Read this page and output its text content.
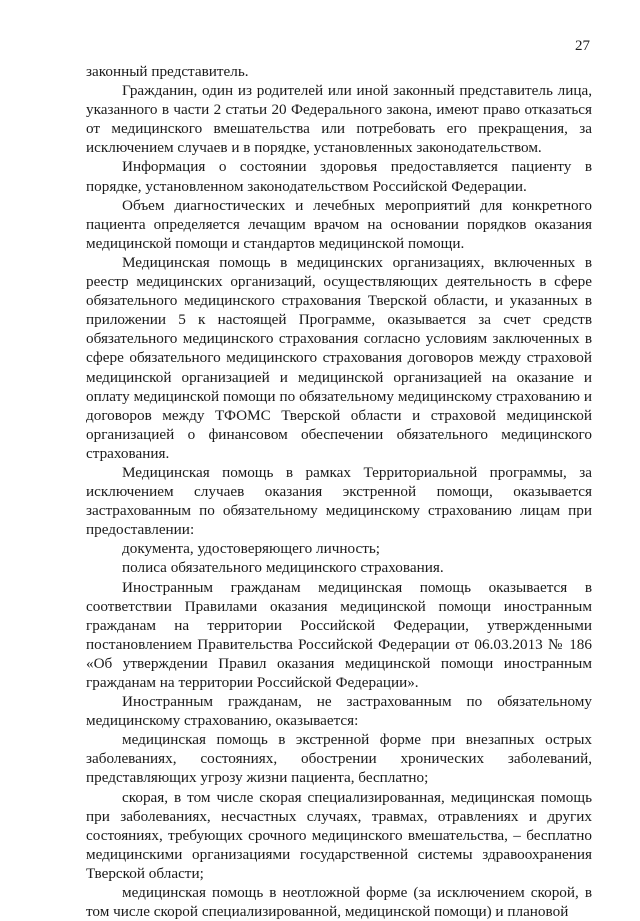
27

законный представитель.

Гражданин, один из родителей или иной законный представитель лица, указанного в части 2 статьи 20 Федерального закона, имеют право отказаться от медицинского вмешательства или потребовать его прекращения, за исключением случаев и в порядке, установленных законодательством.

Информация о состоянии здоровья предоставляется пациенту в порядке, установленном законодательством Российской Федерации.

Объем диагностических и лечебных мероприятий для конкретного пациента определяется лечащим врачом на основании порядков оказания медицинской помощи и стандартов медицинской помощи.

Медицинская помощь в медицинских организациях, включенных в реестр медицинских организаций, осуществляющих деятельность в сфере обязательного медицинского страхования Тверской области, и указанных в приложении 5 к настоящей Программе, оказывается за счет средств обязательного медицинского страхования согласно условиям заключенных в сфере обязательного медицинского страхования договоров между страховой медицинской организацией и медицинской организацией на оказание и оплату медицинской помощи по обязательному медицинскому страхованию и договоров между ТФОМС Тверской области и страховой медицинской организацией о финансовом обеспечении обязательного медицинского страхования.

Медицинская помощь в рамках Территориальной программы, за исключением случаев оказания экстренной помощи, оказывается застрахованным по обязательному медицинскому страхованию лицам при предоставлении:

документа, удостоверяющего личность;

полиса обязательного медицинского страхования.

Иностранным гражданам медицинская помощь оказывается в соответствии Правилами оказания медицинской помощи иностранным гражданам на территории Российской Федерации, утвержденными постановлением Правительства Российской Федерации от 06.03.2013 № 186 «Об утверждении Правил оказания медицинской помощи иностранным гражданам на территории Российской Федерации».

Иностранным гражданам, не застрахованным по обязательному медицинскому страхованию, оказывается:

медицинская помощь в экстренной форме при внезапных острых заболеваниях, состояниях, обострении хронических заболеваний, представляющих угрозу жизни пациента, бесплатно;

скорая, в том числе скорая специализированная, медицинская помощь при заболеваниях, несчастных случаях, травмах, отравлениях и других состояниях, требующих срочного медицинского вмешательства, – бесплатно медицинскими организациями государственной системы здравоохранения Тверской области;

медицинская помощь в неотложной форме (за исключением скорой, в том числе скорой специализированной, медицинской помощи) и плановой
